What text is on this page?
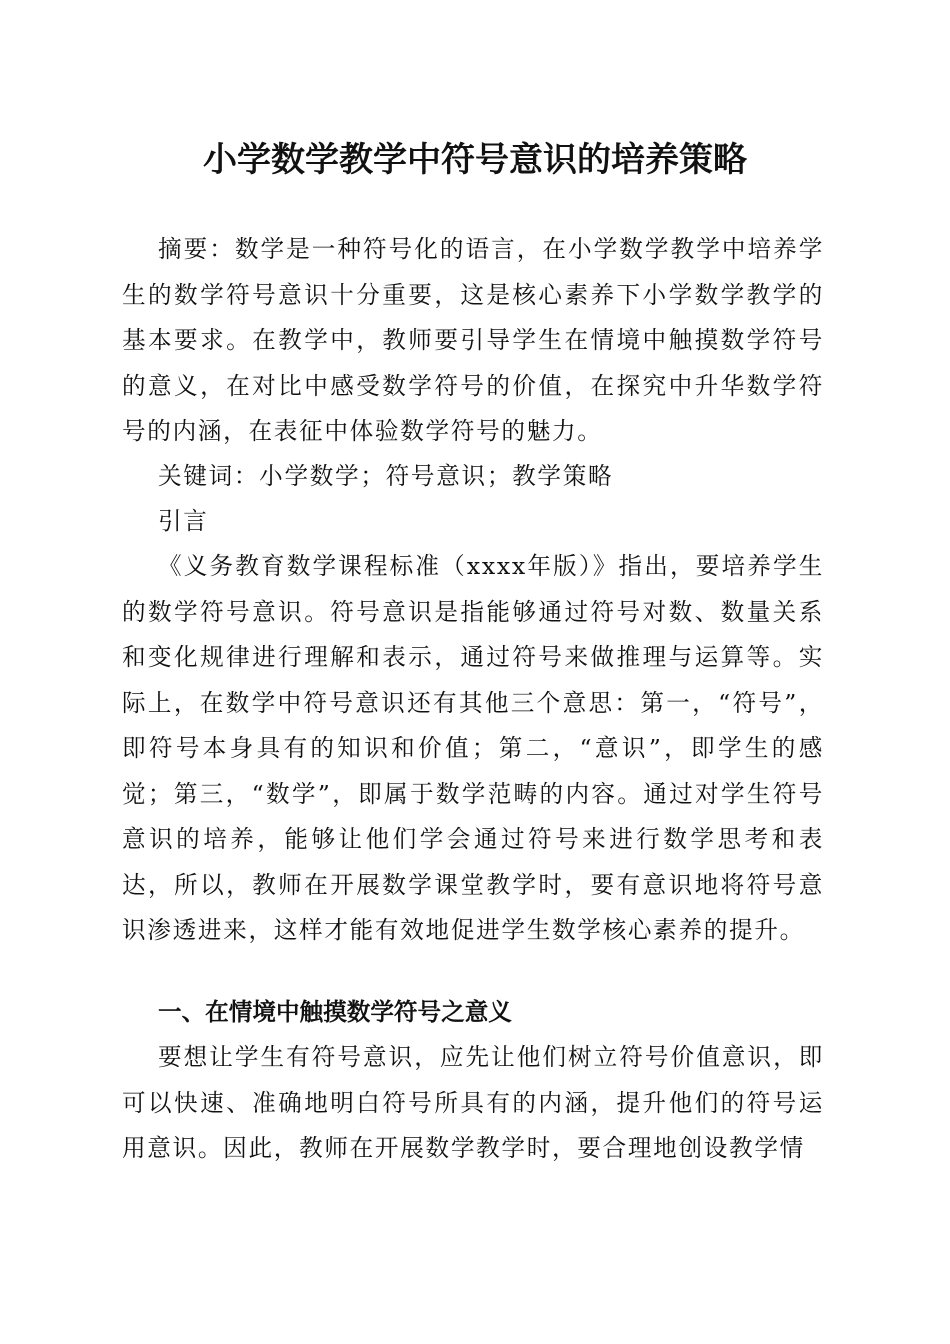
小学数学教学中符号意识的培养策略

摘要：数学是一种符号化的语言，在小学数学教学中培养学生的数学符号意识十分重要，这是核心素养下小学数学教学的基本要求。在教学中，教师要引导学生在情境中触摸数学符号的意义，在对比中感受数学符号的价值，在探究中升华数学符号的内涵，在表征中体验数学符号的魅力。

关键词：小学数学；符号意识；教学策略

引言

《义务教育数学课程标准（xxxx年版）》指出，要培养学生的数学符号意识。符号意识是指能够通过符号对数、数量关系和变化规律进行理解和表示，通过符号来做推理与运算等。实际上，在数学中符号意识还有其他三个意思：第一，“符号”，即符号本身具有的知识和价值；第二，“意识”，即学生的感觉；第三，“数学”，即属于数学范畴的内容。通过对学生符号意识的培养，能够让他们学会通过符号来进行数学思考和表达，所以，教师在开展数学课堂教学时，要有意识地将符号意识渗透进来，这样才能有效地促进学生数学核心素养的提升。

一、在情境中触摸数学符号之意义

要想让学生有符号意识，应先让他们树立符号价值意识，即可以快速、准确地明白符号所具有的内涵，提升他们的符号运用意识。因此，教师在开展数学教学时，要合理地创设教学情
